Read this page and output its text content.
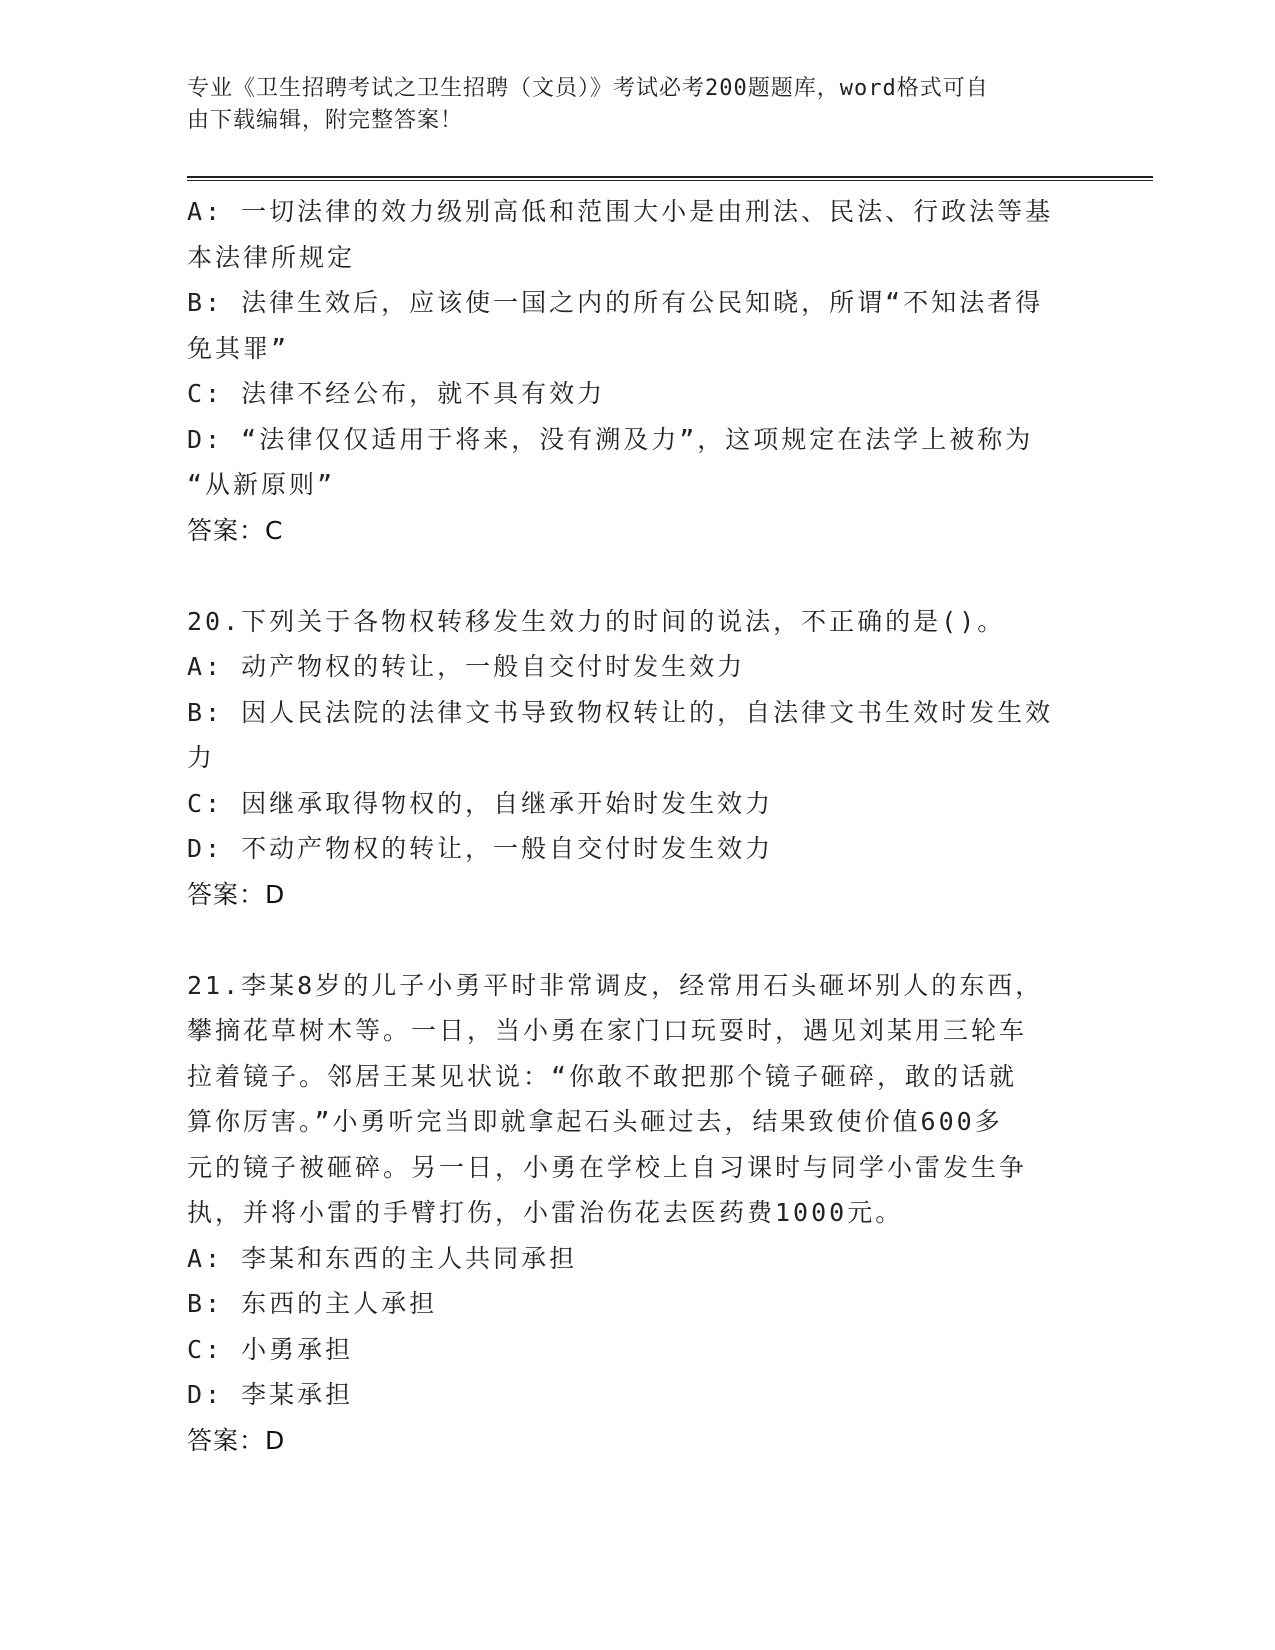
专业《卫生招聘考试之卫生招聘（文员）》考试必考200题题库，word格式可自
由下载编辑，附完整答案！
A: 一切法律的效力级别高低和范围大小是由刑法、民法、行政法等基
本法律所规定
B: 法律生效后，应该使一国之内的所有公民知晓，所谓“不知法者得
免其罪”
C: 法律不经公布，就不具有效力
D: “法律仅仅适用于将来，没有溯及力”，这项规定在法学上被称为
“从新原则”
答案：C
20.下列关于各物权转移发生效力的时间的说法，不正确的是()。
A: 动产物权的转让，一般自交付时发生效力
B: 因人民法院的法律文书导致物权转让的，自法律文书生效时发生效
力
C: 因继承取得物权的，自继承开始时发生效力
D: 不动产物权的转让，一般自交付时发生效力
答案：D
21.李某8岁的儿子小勇平时非常调皮，经常用石头砸坏别人的东西，
攀摘花草树木等。一日，当小勇在家门口玩耍时，遇见刘某用三轮车
拉着镜子。邻居王某见状说：“你敢不敢把那个镜子砸碎，敢的话就
算你厉害。”小勇听完当即就拿起石头砸过去，结果致使价值600多
元的镜子被砸碎。另一日，小勇在学校上自习课时与同学小雷发生争
执，并将小雷的手臂打伤，小雷治伤花去医药费1000元。
A: 李某和东西的主人共同承担
B: 东西的主人承担
C: 小勇承担
D: 李某承担
答案：D
